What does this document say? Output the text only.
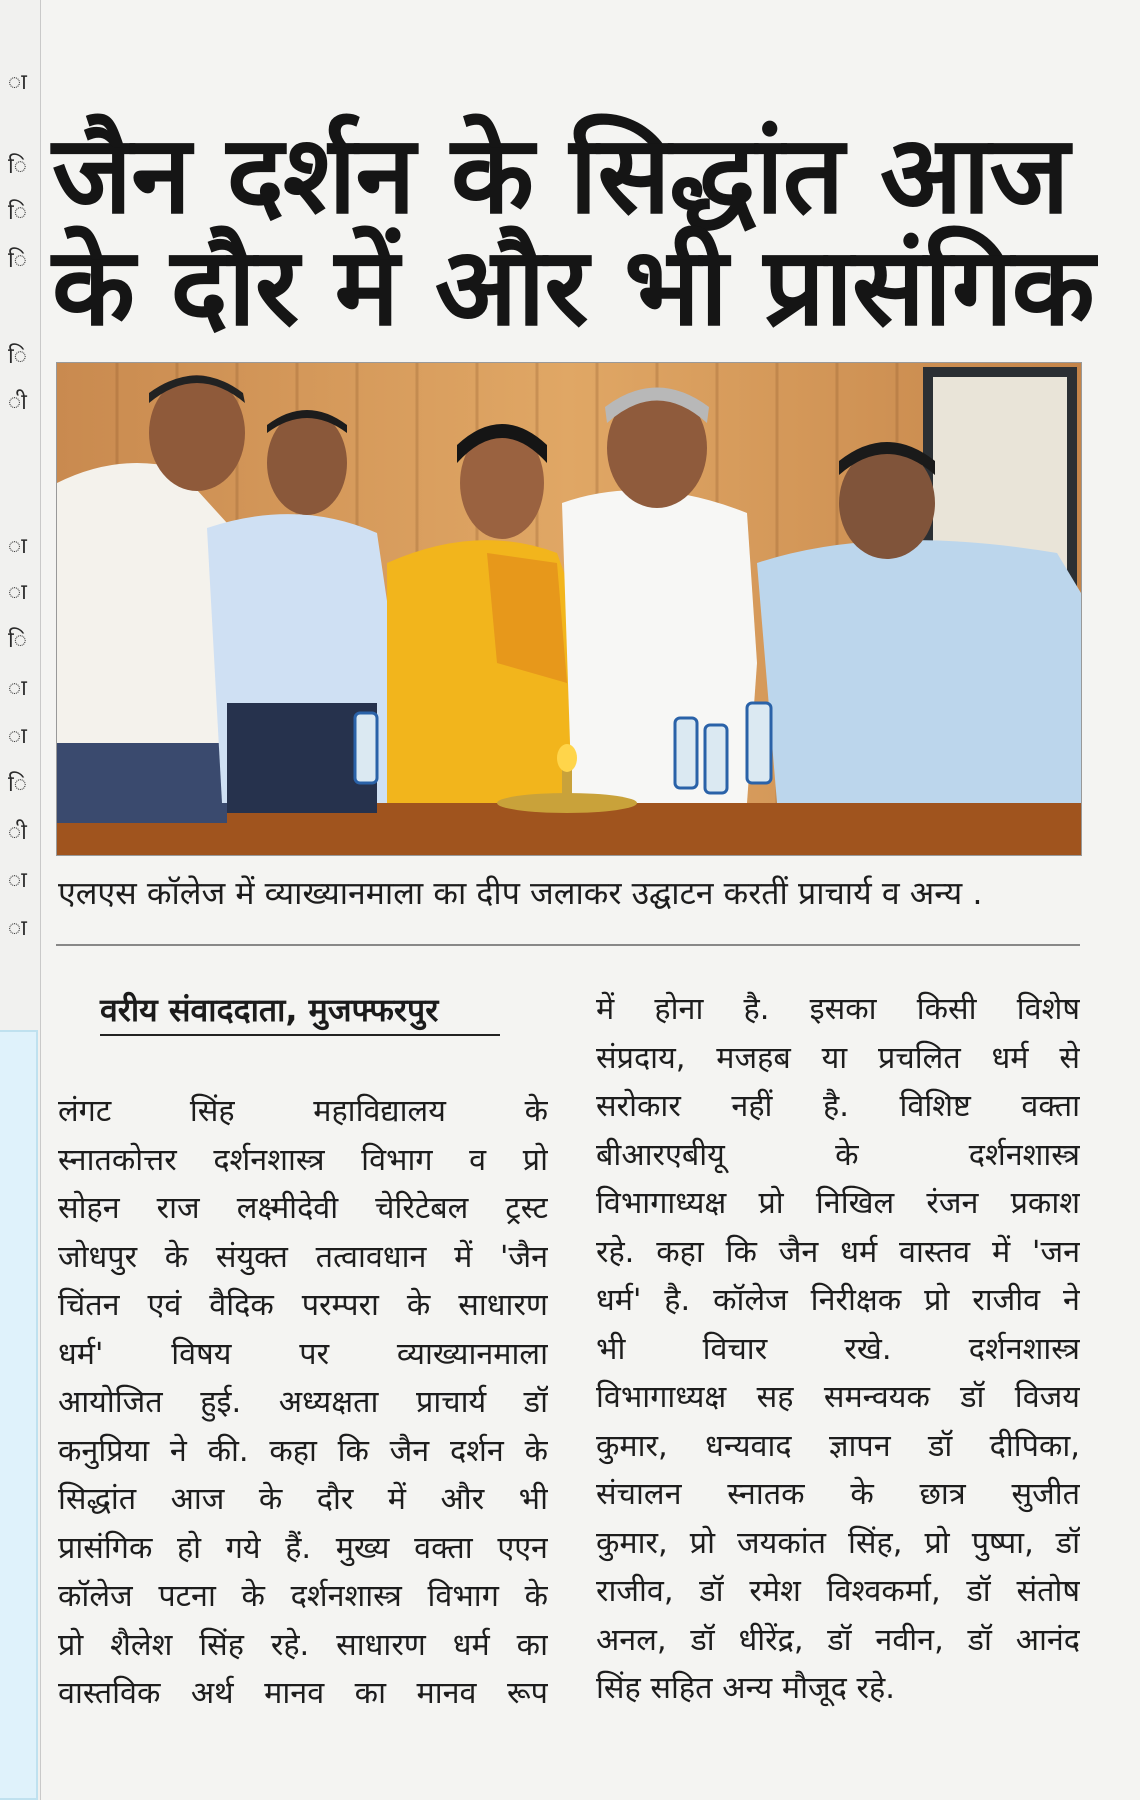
ा
ि
ि
ि
ि
ी
ा
ा
ि
ा
ा
ि
ी
ा
ा
जैन दर्शन के सिद्धांत आज
के दौर में और भी प्रासंगिक
एलएस कॉलेज में व्याख्यानमाला का दीप जलाकर उद्घाटन करतीं प्राचार्य व अन्य .
वरीय संवाददाता, मुजफ्फरपुर
लंगट सिंह महाविद्यालय के
स्नातकोत्तर दर्शनशास्त्र विभाग व प्रो
सोहन राज लक्ष्मीदेवी चेरिटेबल ट्रस्ट
जोधपुर के संयुक्त तत्वावधान में 'जैन
चिंतन एवं वैदिक परम्परा के साधारण
धर्म' विषय पर व्याख्यानमाला
आयोजित हुई. अध्यक्षता प्राचार्य डॉ
कनुप्रिया ने की. कहा कि जैन दर्शन के
सिद्धांत आज के दौर में और भी
प्रासंगिक हो गये हैं. मुख्य वक्ता एएन
कॉलेज पटना के दर्शनशास्त्र विभाग के
प्रो शैलेश सिंह रहे. साधारण धर्म का
वास्तविक अर्थ मानव का मानव रूप
में होना है. इसका किसी विशेष
संप्रदाय, मजहब या प्रचलित धर्म से
सरोकार नहीं है. विशिष्ट वक्ता
बीआरएबीयू के दर्शनशास्त्र
विभागाध्यक्ष प्रो निखिल रंजन प्रकाश
रहे. कहा कि जैन धर्म वास्तव में 'जन
धर्म' है. कॉलेज निरीक्षक प्रो राजीव ने
भी विचार रखे. दर्शनशास्त्र
विभागाध्यक्ष सह समन्वयक डॉ विजय
कुमार, धन्यवाद ज्ञापन डॉ दीपिका,
संचालन स्नातक के छात्र सुजीत
कुमार, प्रो जयकांत सिंह, प्रो पुष्पा, डॉ
राजीव, डॉ रमेश विश्वकर्मा, डॉ संतोष
अनल, डॉ धीरेंद्र, डॉ नवीन, डॉ आनंद
सिंह सहित अन्य मौजूद रहे.
